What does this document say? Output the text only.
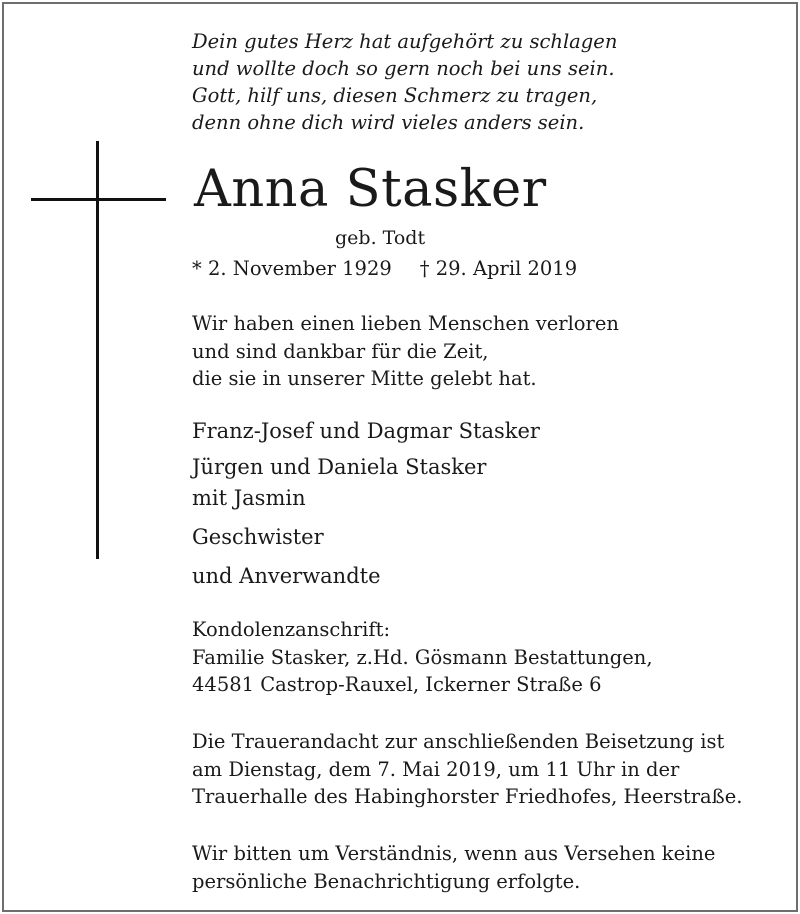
Dein gutes Herz hat aufgehört zu schlagen
und wollte doch so gern noch bei uns sein.
Gott, hilf uns, diesen Schmerz zu tragen,
denn ohne dich wird vieles anders sein.
Anna Stasker
geb. Todt
* 2. November 1929 † 29. April 2019
Wir haben einen lieben Menschen verloren
und sind dankbar für die Zeit,
die sie in unserer Mitte gelebt hat.
Franz-Josef und Dagmar Stasker
Jürgen und Daniela Stasker
mit Jasmin
Geschwister
und Anverwandte
Kondolenzanschrift:
Familie Stasker, z.Hd. Gösmann Bestattungen,
44581 Castrop-Rauxel, Ickerner Straße 6
Die Trauerandacht zur anschließenden Beisetzung ist
am Dienstag, dem 7. Mai 2019, um 11 Uhr in der
Trauerhalle des Habinghorster Friedhofes, Heerstraße.
Wir bitten um Verständnis, wenn aus Versehen keine
persönliche Benachrichtigung erfolgte.
